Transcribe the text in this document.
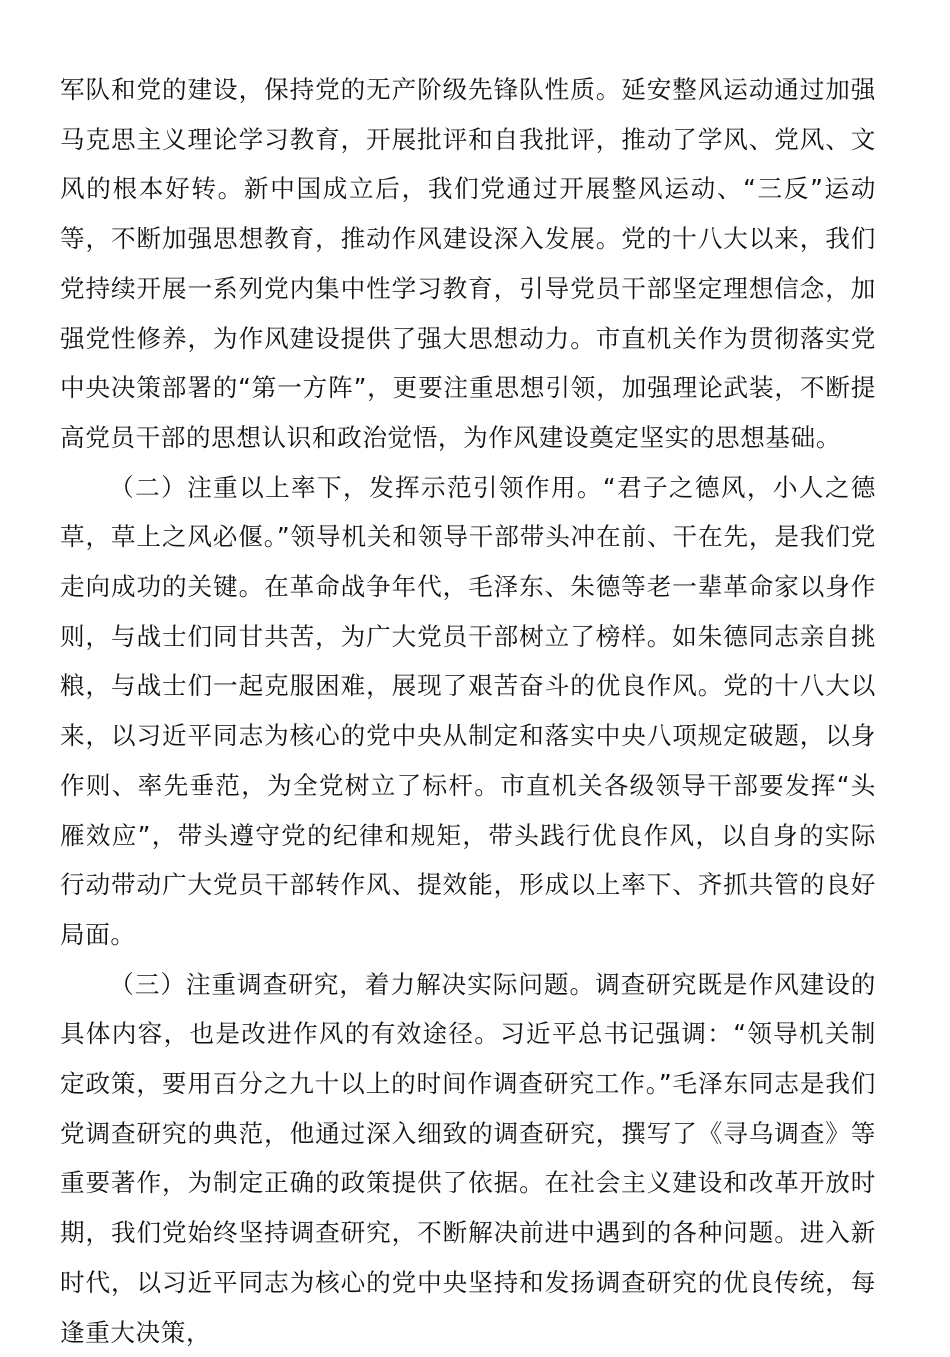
军队和党的建设，保持党的无产阶级先锋队性质。延安整风运动通过加强马克思主义理论学习教育，开展批评和自我批评，推动了学风、党风、文风的根本好转。新中国成立后，我们党通过开展整风运动、“三反”运动等，不断加强思想教育，推动作风建设深入发展。党的十八大以来，我们党持续开展一系列党内集中性学习教育，引导党员干部坚定理想信念，加强党性修养，为作风建设提供了强大思想动力。市直机关作为贯彻落实党中央决策部署的“第一方阵”，更要注重思想引领，加强理论武装，不断提高党员干部的思想认识和政治觉悟，为作风建设奠定坚实的思想基础。

（二）注重以上率下，发挥示范引领作用。“君子之德风，小人之德草，草上之风必偃。”领导机关和领导干部带头冲在前、干在先，是我们党走向成功的关键。在革命战争年代，毛泽东、朱德等老一辈革命家以身作则，与战士们同甘共苦，为广大党员干部树立了榜样。如朱德同志亲自挑粮，与战士们一起克服困难，展现了艰苦奋斗的优良作风。党的十八大以来，以习近平同志为核心的党中央从制定和落实中央八项规定破题，以身作则、率先垂范，为全党树立了标杆。市直机关各级领导干部要发挥“头雁效应”，带头遵守党的纪律和规矩，带头践行优良作风，以自身的实际行动带动广大党员干部转作风、提效能，形成以上率下、齐抓共管的良好局面。

（三）注重调查研究，着力解决实际问题。调查研究既是作风建设的具体内容，也是改进作风的有效途径。习近平总书记强调：“领导机关制定政策，要用百分之九十以上的时间作调查研究工作。”毛泽东同志是我们党调查研究的典范，他通过深入细致的调查研究，撰写了《寻乌调查》等重要著作，为制定正确的政策提供了依据。在社会主义建设和改革开放时期，我们党始终坚持调查研究，不断解决前进中遇到的各种问题。进入新时代，以习近平同志为核心的党中央坚持和发扬调查研究的优良传统，每逢重大决策，
